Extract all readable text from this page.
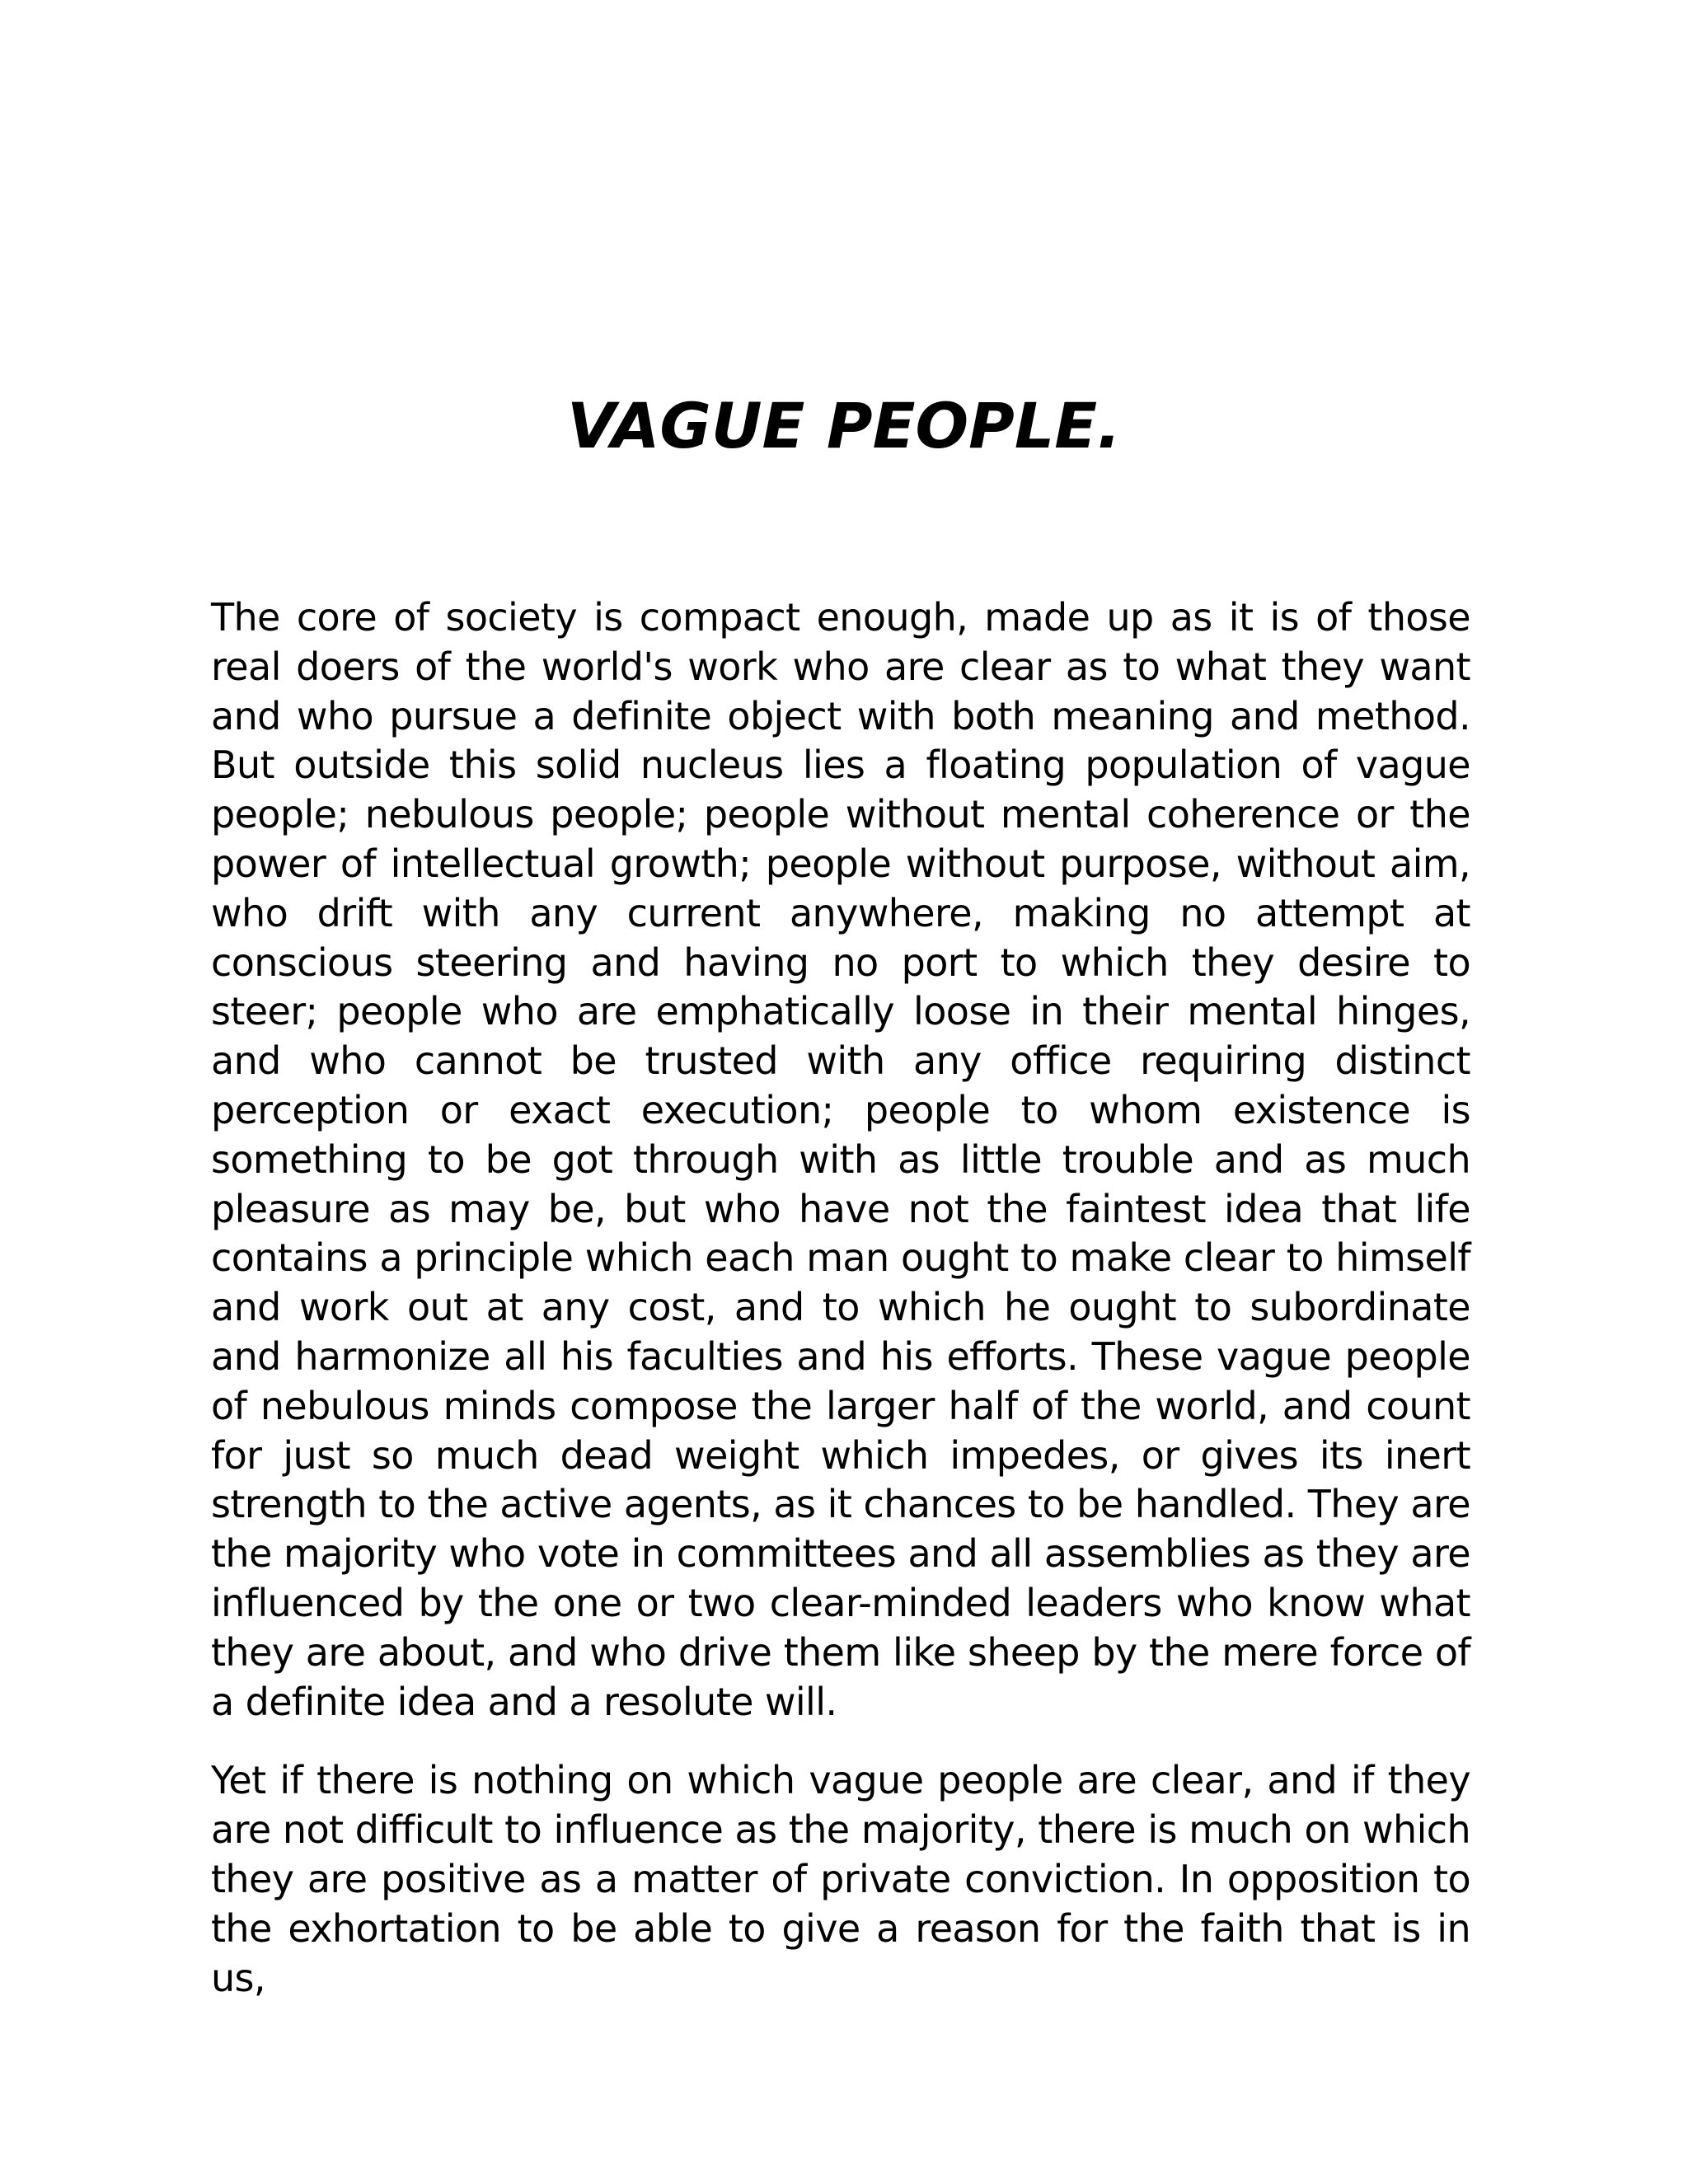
VAGUE PEOPLE.

The core of society is compact enough, made up as it is of those real doers of the world's work who are clear as to what they want and who pursue a definite object with both meaning and method. But outside this solid nucleus lies a floating population of vague people; nebulous people; people without mental coherence or the power of intellectual growth; people without purpose, without aim, who drift with any current anywhere, making no attempt at conscious steering and having no port to which they desire to steer; people who are emphatically loose in their mental hinges, and who cannot be trusted with any office requiring distinct perception or exact execution; people to whom existence is something to be got through with as little trouble and as much pleasure as may be, but who have not the faintest idea that life contains a principle which each man ought to make clear to himself and work out at any cost, and to which he ought to subordinate and harmonize all his faculties and his efforts. These vague people of nebulous minds compose the larger half of the world, and count for just so much dead weight which impedes, or gives its inert strength to the active agents, as it chances to be handled. They are the majority who vote in committees and all assemblies as they are influenced by the one or two clear-minded leaders who know what they are about, and who drive them like sheep by the mere force of a definite idea and a resolute will.

Yet if there is nothing on which vague people are clear, and if they are not difficult to influence as the majority, there is much on which they are positive as a matter of private conviction. In opposition to the exhortation to be able to give a reason for the faith that is in us,
